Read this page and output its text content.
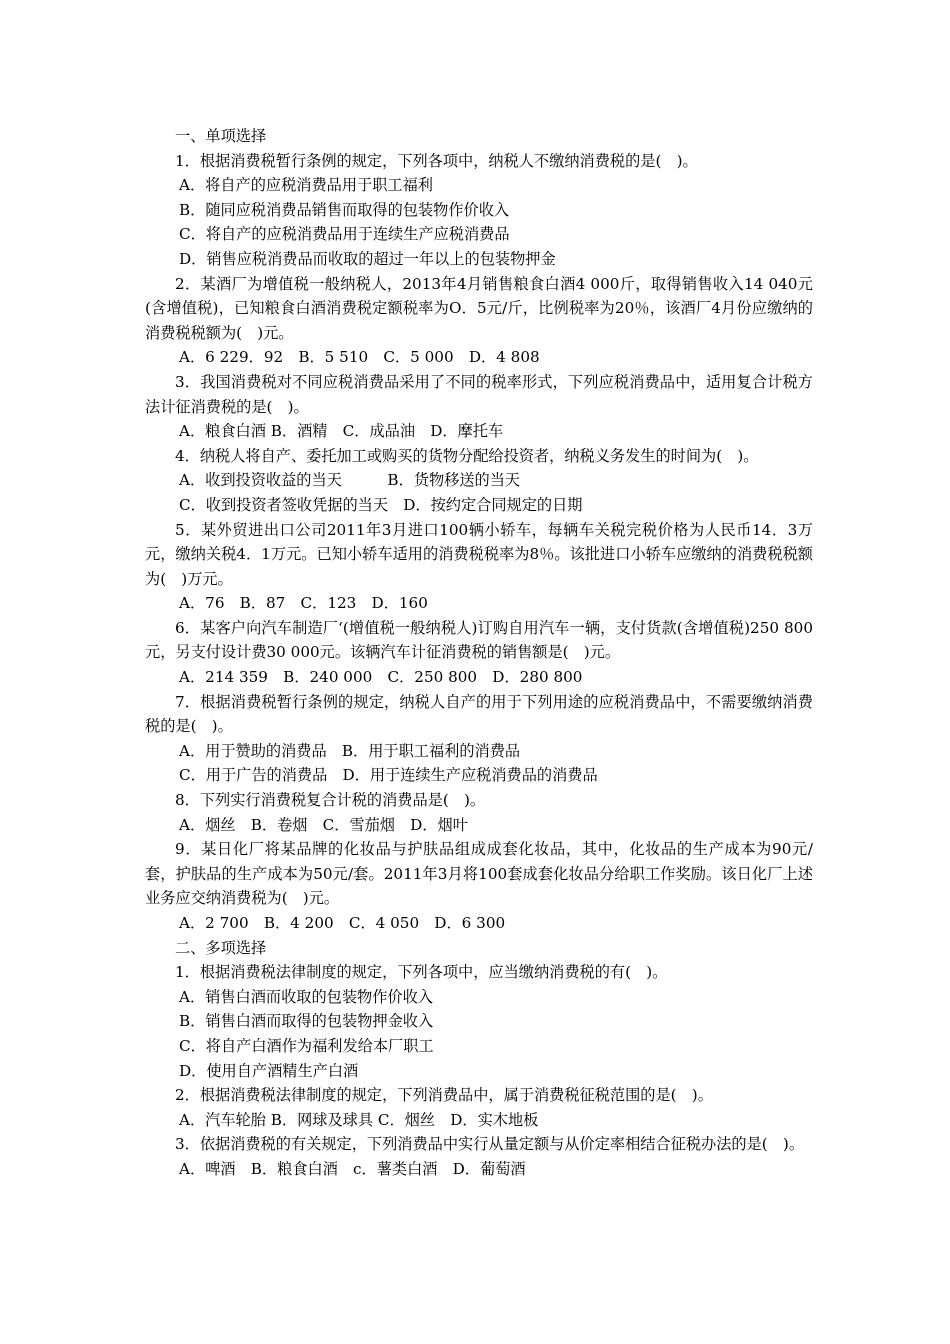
一、单项选择
1．根据消费税暂行条例的规定，下列各项中，纳税人不缴纳消费税的是(　)。
A．将自产的应税消费品用于职工福利
B．随同应税消费品销售而取得的包装物作价收入
C．将自产的应税消费品用于连续生产应税消费品
D．销售应税消费品而收取的超过一年以上的包装物押金
2．某酒厂为增值税一般纳税人，2013年4月销售粮食白酒4 000斤，取得销售收入14 040元(含增值税)，已知粮食白酒消费税定额税率为O．5元/斤，比例税率为20％，该酒厂4月份应缴纳的消费税税额为(　)元。
A．6 229．92　B．5 510　C．5 000　D．4 808
3．我国消费税对不同应税消费品采用了不同的税率形式，下列应税消费品中，适用复合计税方法计征消费税的是(　)。
A．粮食白酒 B．酒精　C．成品油　D．摩托车
4．纳税人将自产、委托加工或购买的货物分配给投资者，纳税义务发生的时间为(　)。
A．收到投资收益的当天　　　B．货物移送的当天
C．收到投资者签收凭据的当天　D．按约定合同规定的日期
5．某外贸进出口公司2011年3月进口100辆小轿车，每辆车关税完税价格为人民币14．3万元，缴纳关税4．1万元。已知小轿车适用的消费税税率为8％。该批进口小轿车应缴纳的消费税税额为(　)万元。
A．76　B．87　C．123　D．160
6．某客户向汽车制造厂‘(增值税一般纳税人)订购自用汽车一辆，支付货款(含增值税)250 800元，另支付设计费30 000元。该辆汽车计征消费税的销售额是(　)元。
A．214 359　B．240 000　C．250 800　D．280 800
7．根据消费税暂行条例的规定，纳税人自产的用于下列用途的应税消费品中，不需要缴纳消费税的是(　)。
A．用于赞助的消费品　B．用于职工福利的消费品
C．用于广告的消费品　D．用于连续生产应税消费品的消费品
8．下列实行消费税复合计税的消费品是(　)。
A．烟丝　B．卷烟　C．雪茄烟　D．烟叶
9．某日化厂将某品牌的化妆品与护肤品组成成套化妆品，其中，化妆品的生产成本为90元/套，护肤品的生产成本为50元/套。2011年3月将100套成套化妆品分给职工作奖励。该日化厂上述业务应交纳消费税为(　)元。
A．2 700　B．4 200　C．4 050　D．6 300
二、多项选择
1．根据消费税法律制度的规定，下列各项中，应当缴纳消费税的有(　)。
A．销售白酒而收取的包装物作价收入
B．销售白酒而取得的包装物押金收入
C．将自产白酒作为福利发给本厂职工
D．使用自产酒精生产白酒
2．根据消费税法律制度的规定，下列消费品中，属于消费税征税范围的是(　)。
A．汽车轮胎 B．网球及球具 C．烟丝　D．实木地板
3．依据消费税的有关规定，下列消费品中实行从量定额与从价定率相结合征税办法的是(　)。
A．啤酒　B．粮食白酒　c．薯类白酒　D．葡萄酒
